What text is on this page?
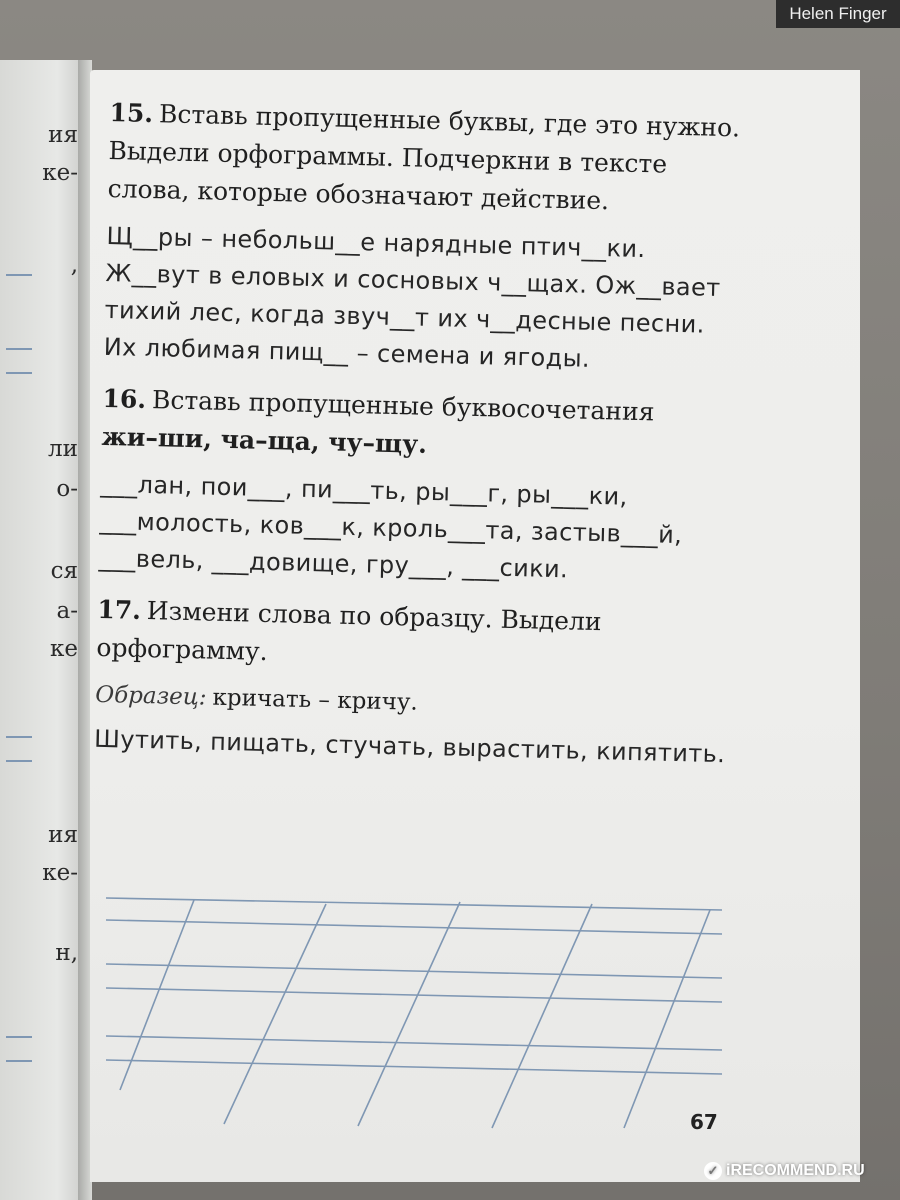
ия
ке-
,
ли
о-
ся
а-
ке
ия
ке-
н,
15. Вставь пропущенные буквы, где это нужно. Выдели орфограммы. Подчеркни в тексте слова, которые обозначают действие.
Щ__ры – небольш__е нарядные птич__ки. Ж__вут в еловых и сосновых ч__щах. Ож__вает тихий лес, когда звуч__т их ч__десные песни. Их любимая пищ__ – семена и ягоды.
16. Вставь пропущенные буквосочетания
жи–ши, ча–ща, чу–щу.
___лан, пои___, пи___ть, ры___г, ры___ки, ___молость, ков___к, кроль___та, застыв___й, ___вель, ___довище, гру___, ___сики.
17. Измени слова по образцу. Выдели орфограмму.
Образец: кричать – кричу.
Шутить, пищать, стучать, вырастить, кипятить.
67
Helen Finger
✓ iRECOMMEND.RU
